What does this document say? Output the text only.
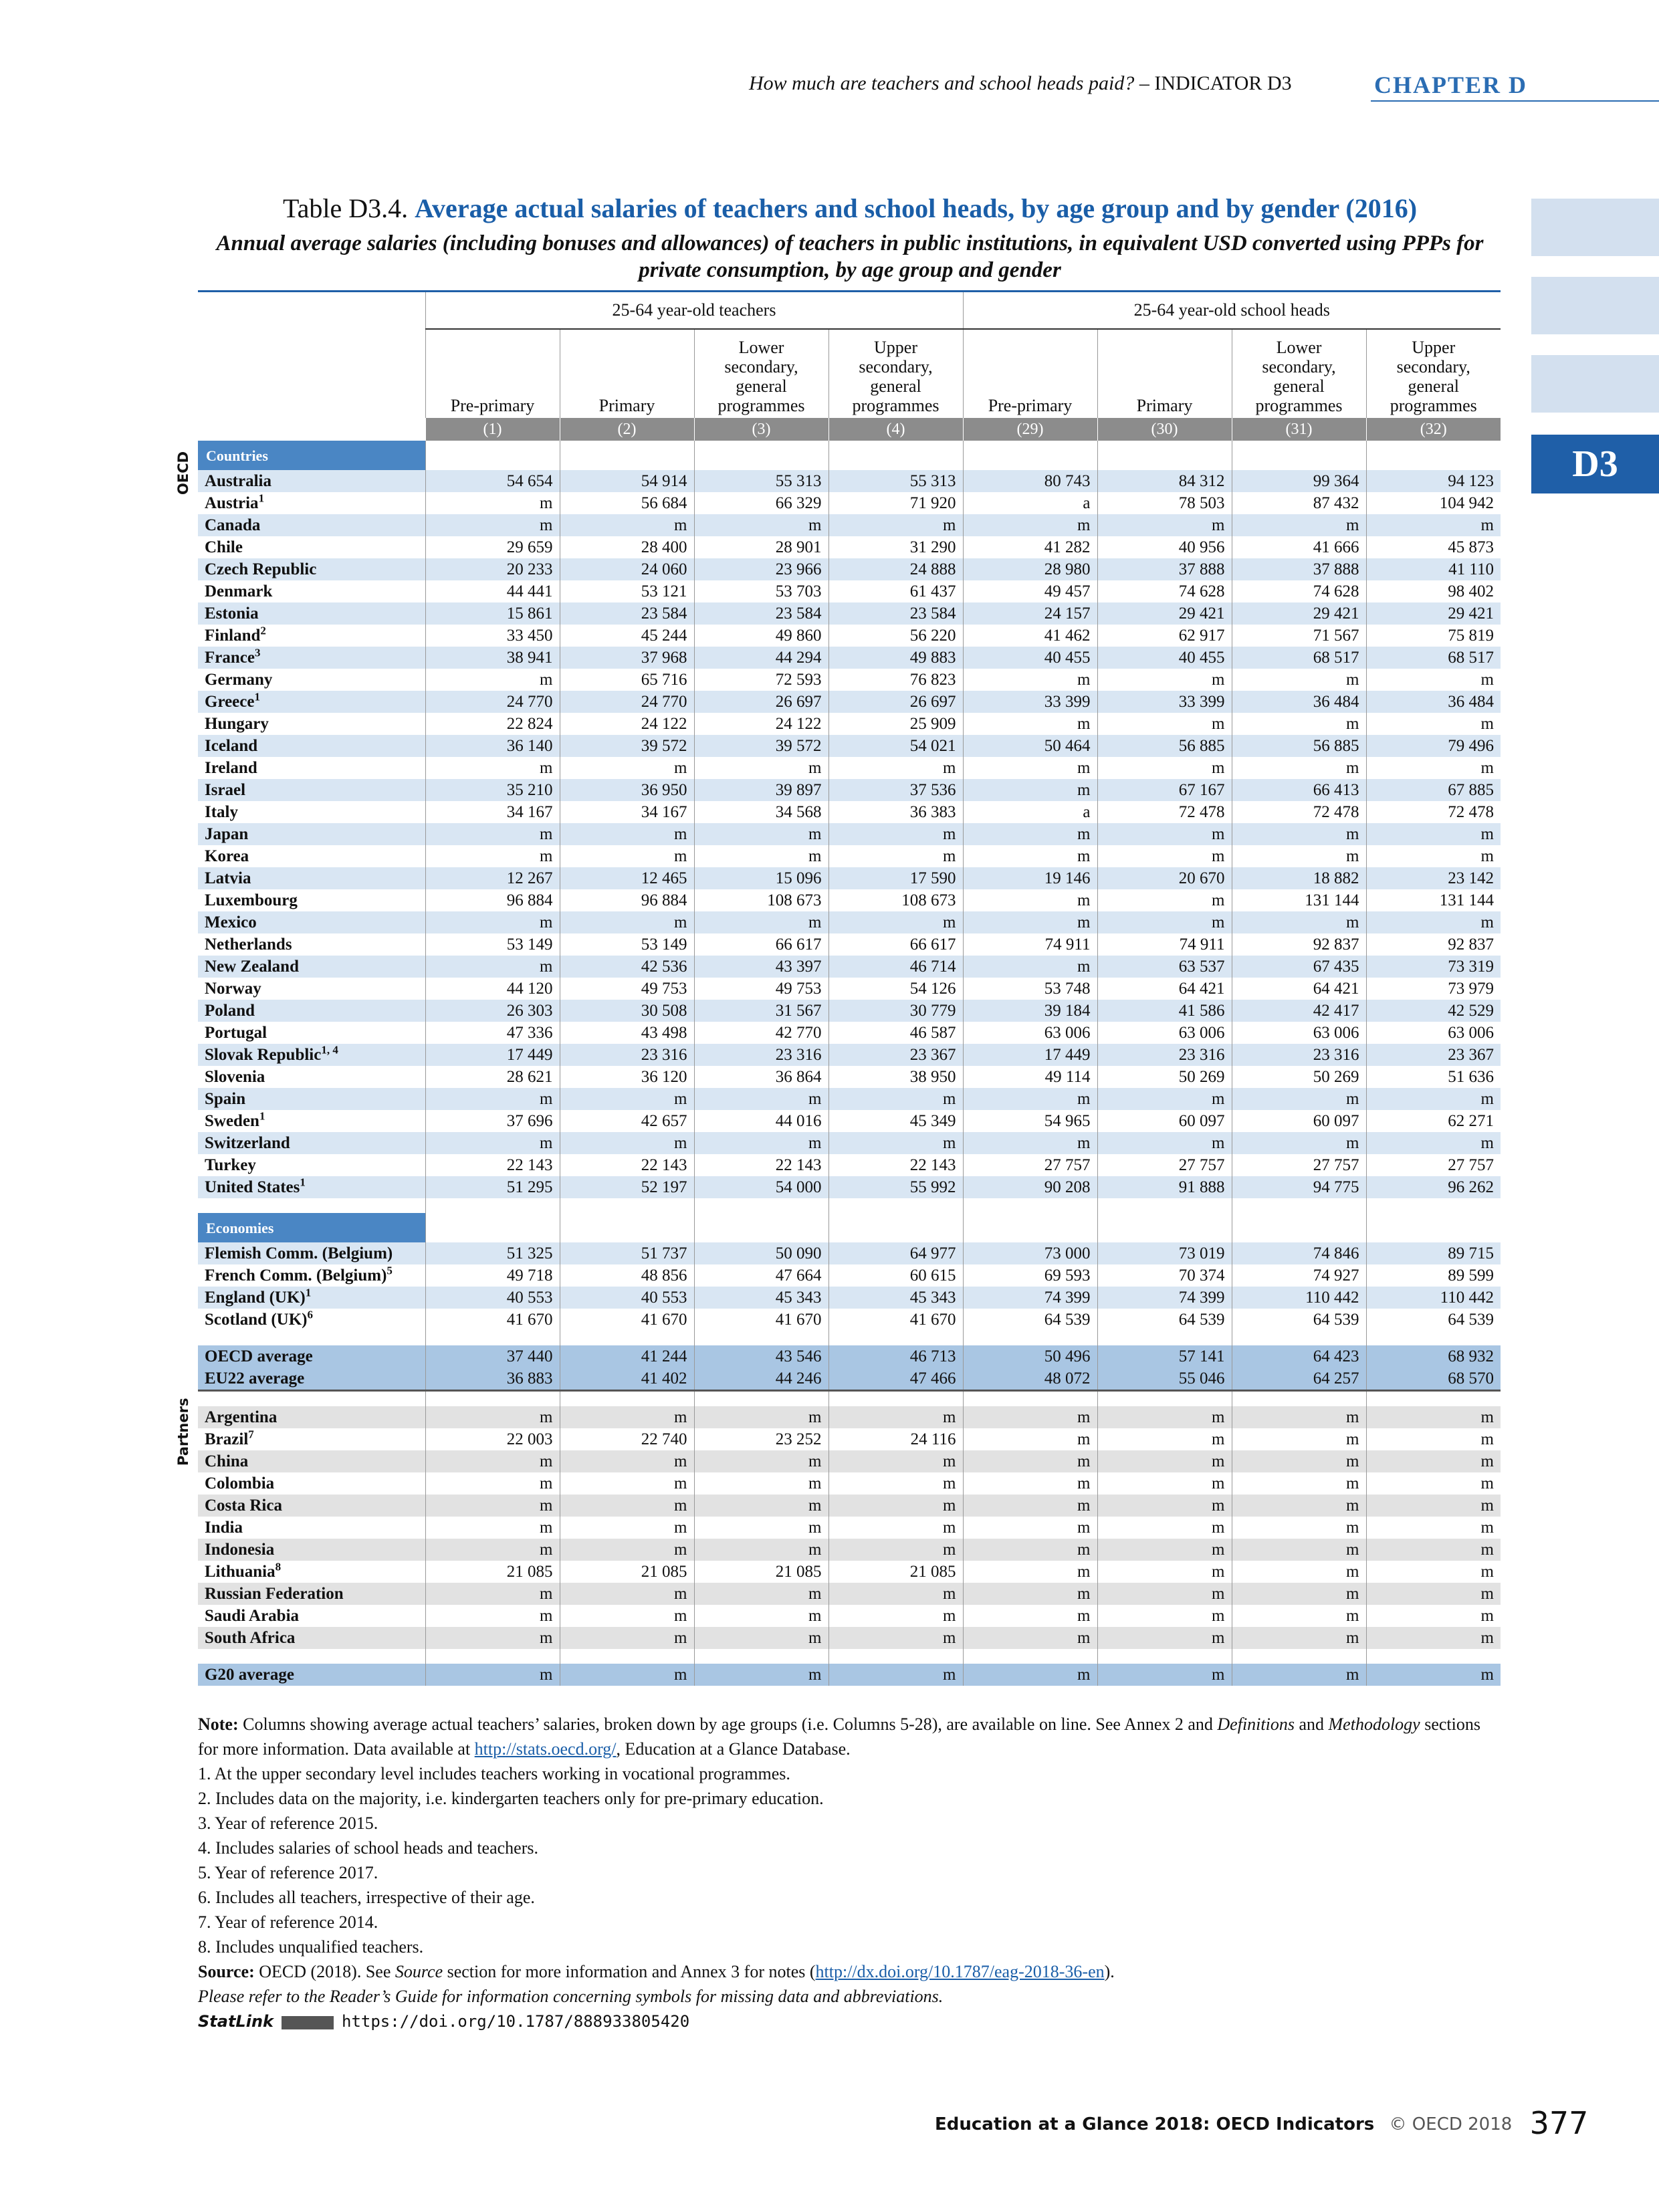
How much are teachers and school heads paid? – INDICATOR D3	CHAPTER D
D3
Table D3.4. Average actual salaries of teachers and school heads, by age group and by gender (2016)
Annual average salaries (including bonuses and allowances) of teachers in public institutions, in equivalent USD converted using PPPs for private consumption, by age group and gender
OECD
Partners

	25-64 year-old teachers				25-64 year-old school heads			
	Pre-primary	Primary	Lower secondary, general programmes	Upper secondary, general programmes	Pre-primary	Primary	Lower secondary, general programmes	Upper secondary, general programmes
	(1)	(2)	(3)	(4)	(29)	(30)	(31)	(32)
Countries								
Australia	54 654	54 914	55 313	55 313	80 743	84 312	99 364	94 123
Austria$^1$	m	56 684	66 329	71 920	a	78 503	87 432	104 942
Canada	m	m	m	m	m	m	m	m
Chile	29 659	28 400	28 901	31 290	41 282	40 956	41 666	45 873
Czech Republic	20 233	24 060	23 966	24 888	28 980	37 888	37 888	41 110
Denmark	44 441	53 121	53 703	61 437	49 457	74 628	74 628	98 402
Estonia	15 861	23 584	23 584	23 584	24 157	29 421	29 421	29 421
Finland$^2$	33 450	45 244	49 860	56 220	41 462	62 917	71 567	75 819
France$^3$	38 941	37 968	44 294	49 883	40 455	40 455	68 517	68 517
Germany	m	65 716	72 593	76 823	m	m	m	m
Greece$^1$	24 770	24 770	26 697	26 697	33 399	33 399	36 484	36 484
Hungary	22 824	24 122	24 122	25 909	m	m	m	m
Iceland	36 140	39 572	39 572	54 021	50 464	56 885	56 885	79 496
Ireland	m	m	m	m	m	m	m	m
Israel	35 210	36 950	39 897	37 536	m	67 167	66 413	67 885
Italy	34 167	34 167	34 568	36 383	a	72 478	72 478	72 478
Japan	m	m	m	m	m	m	m	m
Korea	m	m	m	m	m	m	m	m
Latvia	12 267	12 465	15 096	17 590	19 146	20 670	18 882	23 142
Luxembourg	96 884	96 884	108 673	108 673	m	m	131 144	131 144
Mexico	m	m	m	m	m	m	m	m
Netherlands	53 149	53 149	66 617	66 617	74 911	74 911	92 837	92 837
New Zealand	m	42 536	43 397	46 714	m	63 537	67 435	73 319
Norway	44 120	49 753	49 753	54 126	53 748	64 421	64 421	73 979
Poland	26 303	30 508	31 567	30 779	39 184	41 586	42 417	42 529
Portugal	47 336	43 498	42 770	46 587	63 006	63 006	63 006	63 006
Slovak Republic$^{1, 4}$	17 449	23 316	23 316	23 367	17 449	23 316	23 316	23 367
Slovenia	28 621	36 120	36 864	38 950	49 114	50 269	50 269	51 636
Spain	m	m	m	m	m	m	m	m
Sweden$^1$	37 696	42 657	44 016	45 349	54 965	60 097	60 097	62 271
Switzerland	m	m	m	m	m	m	m	m
Turkey	22 143	22 143	22 143	22 143	27 757	27 757	27 757	27 757
United States$^1$	51 295	52 197	54 000	55 992	90 208	91 888	94 775	96 262

Economies								
Flemish Comm. (Belgium)	51 325	51 737	50 090	64 977	73 000	73 019	74 846	89 715
French Comm. (Belgium)$^5$	49 718	48 856	47 664	60 615	69 593	70 374	74 927	89 599
England (UK)$^1$	40 553	40 553	45 343	45 343	74 399	74 399	110 442	110 442
Scotland (UK)$^6$	41 670	41 670	41 670	41 670	64 539	64 539	64 539	64 539

OECD average	37 440	41 244	43 546	46 713	50 496	57 141	64 423	68 932
EU22 average	36 883	41 402	44 246	47 466	48 072	55 046	64 257	68 570

Argentina	m	m	m	m	m	m	m	m
Brazil$^7$	22 003	22 740	23 252	24 116	m	m	m	m
China	m	m	m	m	m	m	m	m
Colombia	m	m	m	m	m	m	m	m
Costa Rica	m	m	m	m	m	m	m	m
India	m	m	m	m	m	m	m	m
Indonesia	m	m	m	m	m	m	m	m
Lithuania$^8$	21 085	21 085	21 085	21 085	m	m	m	m
Russian Federation	m	m	m	m	m	m	m	m
Saudi Arabia	m	m	m	m	m	m	m	m
South Africa	m	m	m	m	m	m	m	m

G20 average	m	m	m	m	m	m	m	m

Note: Columns showing average actual teachers’ salaries, broken down by age groups (i.e. Columns 5-28), are available on line. See Annex 2 and Definitions and Methodology sections for more information. Data available at http://stats.oecd.org/, Education at a Glance Database.

1. At the upper secondary level includes teachers working in vocational programmes.

2. Includes data on the majority, i.e. kindergarten teachers only for pre-primary education.

3. Year of reference 2015.

4. Includes salaries of school heads and teachers.

5. Year of reference 2017.

6. Includes all teachers, irrespective of their age.

7. Year of reference 2014.

8. Includes unqualified teachers.

Source: OECD (2018). See Source section for more information and Annex 3 for notes (http://dx.doi.org/10.1787/eag-2018-36-en).

Please refer to the Reader’s Guide for information concerning symbols for missing data and abbreviations.

StatLink	https://doi.org/10.1787/888933805420

Education at a Glance 2018: OECD Indicators © OECD 2018 377
